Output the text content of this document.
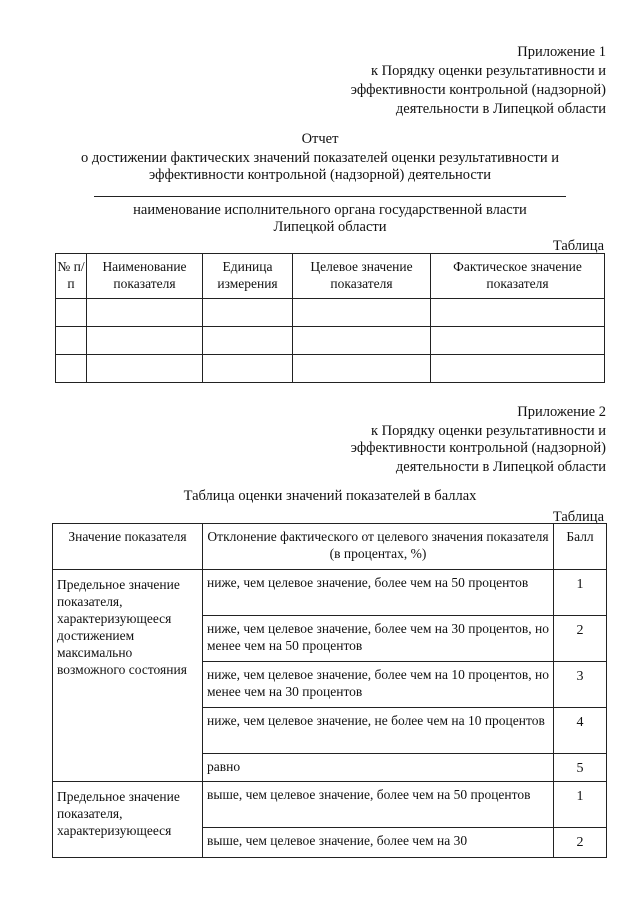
Приложение 1
к Порядку оценки результативности и
эффективности контрольной (надзорной)
деятельности в Липецкой области
Отчет
о достижении фактических значений показателей оценки результативности и
эффективности контрольной (надзорной) деятельности
наименование исполнительного органа государственной власти
Липецкой области
Таблица
№ п/п	Наименование показателя	Единица измерения	Целевое значение показателя	Фактическое значение показателя

Приложение 2
к Порядку оценки результативности и
эффективности контрольной (надзорной)
деятельности в Липецкой области
Таблица оценки значений показателей в баллах
Таблица
Значение показателя	Отклонение фактического от целевого значения показателя (в процентах, %)	Балл
Предельное значение показателя, характеризующееся достижением максимально возможного состояния	ниже, чем целевое значение, более чем на 50 процентов	1
	ниже, чем целевое значение, более чем на 30 процентов, но менее чем на 50 процентов	2
	ниже, чем целевое значение, более чем на 10 процентов, но менее чем на 30 процентов	3
	ниже, чем целевое значение, не более чем на 10 процентов	4
	равно	5
Предельное значение показателя, характеризующееся	выше, чем целевое значение, более чем на 50 процентов	1
	выше, чем целевое значение, более чем на 30	2
